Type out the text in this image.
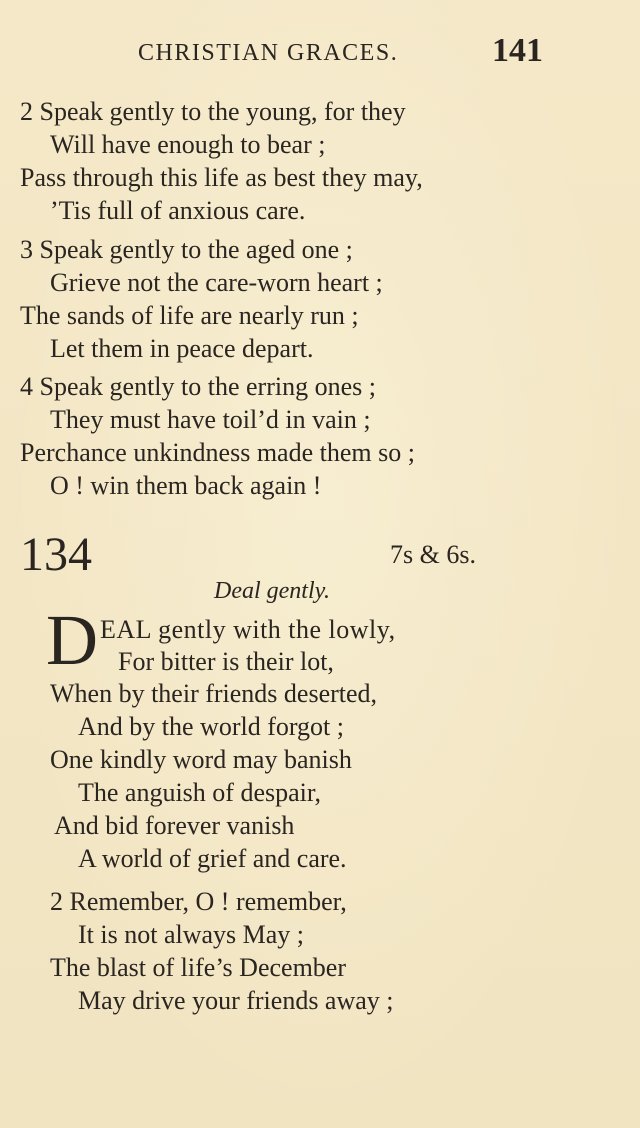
CHRISTIAN GRACES.	141
2 Speak gently to the young, for they
Will have enough to bear ;
Pass through this life as best they may,
’Tis full of anxious care.
3 Speak gently to the aged one ;
Grieve not the care-worn heart ;
The sands of life are nearly run ;
Let them in peace depart.
4 Speak gently to the erring ones ;
They must have toil’d in vain ;
Perchance unkindness made them so ;
O ! win them back again !
134	7s & 6s.
Deal gently.
D EAL gently with the lowly,
For bitter is their lot,
When by their friends deserted,
And by the world forgot ;
One kindly word may banish
The anguish of despair,
And bid forever vanish
A world of grief and care.
2 Remember, O ! remember,
It is not always May ;
The blast of life’s December
May drive your friends away ;
